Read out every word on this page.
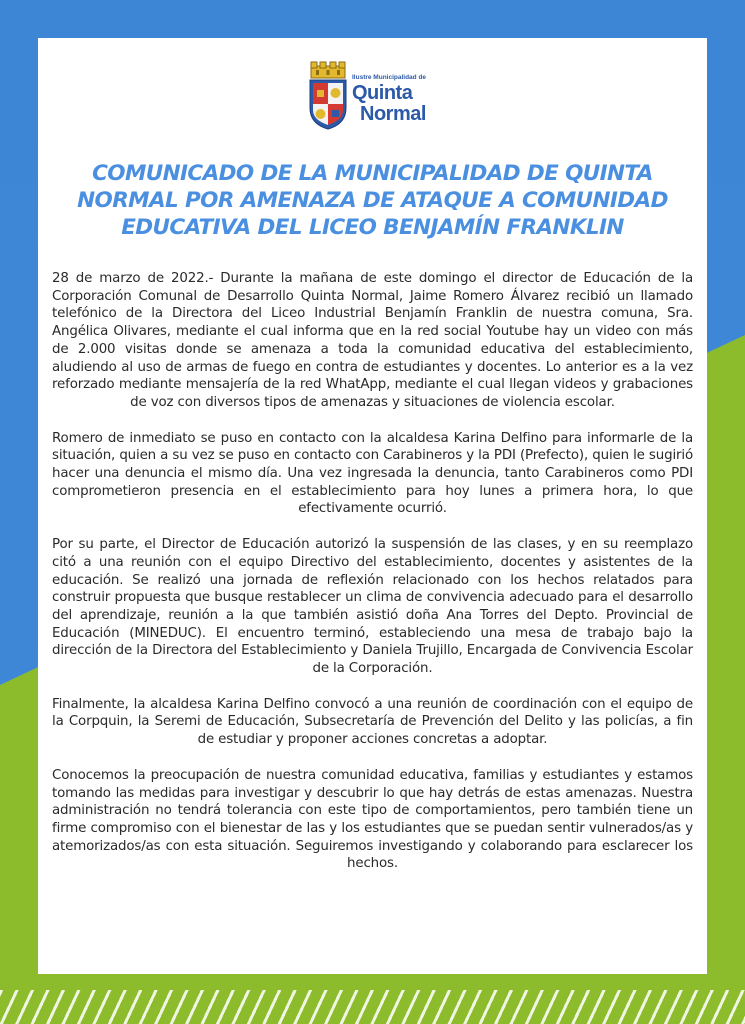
Ilustre Municipalidad de
Quinta
Normal
COMUNICADO DE LA MUNICIPALIDAD DE QUINTA
NORMAL POR AMENAZA DE ATAQUE A COMUNIDAD
EDUCATIVA DEL LICEO BENJAMÍN FRANKLIN

28 de marzo de 2022.- Durante la mañana de este domingo el director de Educación de la Corporación Comunal de Desarrollo Quinta Normal, Jaime Romero Álvarez recibió un llamado telefónico de la Directora del Liceo Industrial Benjamín Franklin de nuestra comuna, Sra. Angélica Olivares, mediante el cual informa que en la red social Youtube hay un video con más de 2.000 visitas donde se amenaza a toda la comunidad educativa del establecimiento, aludiendo al uso de armas de fuego en contra de estudiantes y docentes. Lo anterior es a la vez reforzado mediante mensajería de la red WhatApp, mediante el cual llegan videos y grabaciones de voz con diversos tipos de amenazas y situaciones de violencia escolar.

Romero de inmediato se puso en contacto con la alcaldesa Karina Delfino para informarle de la situación, quien a su vez se puso en contacto con Carabineros y la PDI (Prefecto), quien le sugirió hacer una denuncia el mismo día. Una vez ingresada la denuncia, tanto Carabineros como PDI comprometieron presencia en el establecimiento para hoy lunes a primera hora, lo que efectivamente ocurrió.

Por su parte, el Director de Educación autorizó la suspensión de las clases, y en su reemplazo citó a una reunión con el equipo Directivo del establecimiento, docentes y asistentes de la educación. Se realizó una jornada de reflexión relacionado con los hechos relatados para construir propuesta que busque restablecer un clima de convivencia adecuado para el desarrollo del aprendizaje, reunión a la que también asistió doña Ana Torres del Depto. Provincial de Educación (MINEDUC). El encuentro terminó, estableciendo una mesa de trabajo bajo la dirección de la Directora del Establecimiento y Daniela Trujillo, Encargada de Convivencia Escolar de la Corporación.

Finalmente, la alcaldesa Karina Delfino convocó a una reunión de coordinación con el equipo de la Corpquin, la Seremi de Educación, Subsecretaría de Prevención del Delito y las policías, a fin de estudiar y proponer acciones concretas a adoptar.

Conocemos la preocupación de nuestra comunidad educativa, familias y estudiantes y estamos tomando las medidas para investigar y descubrir lo que hay detrás de estas amenazas. Nuestra administración no tendrá tolerancia con este tipo de comportamientos, pero también tiene un firme compromiso con el bienestar de las y los estudiantes que se puedan sentir vulnerados/as y atemorizados/as con esta situación. Seguiremos investigando y colaborando para esclarecer los hechos.
